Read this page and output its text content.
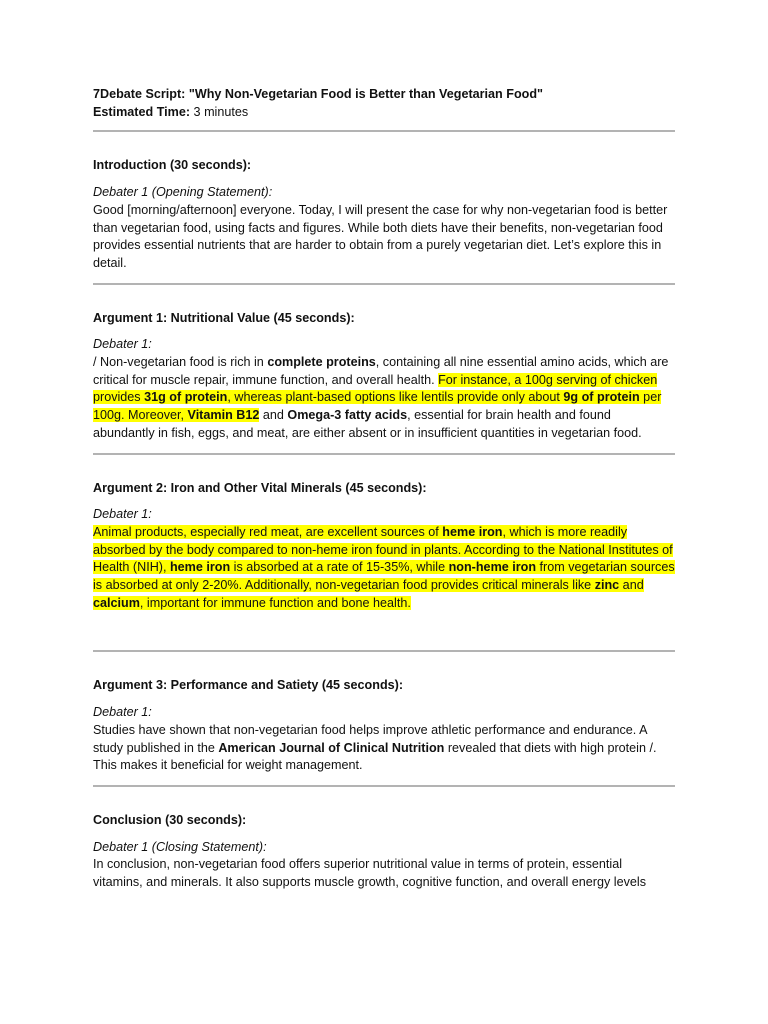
7Debate Script: "Why Non-Vegetarian Food is Better than Vegetarian Food"

Estimated Time: 3 minutes

Introduction (30 seconds):

Debater 1 (Opening Statement):

Good [morning/afternoon] everyone. Today, I will present the case for why non-vegetarian food is better than vegetarian food, using facts and figures. While both diets have their benefits, non-vegetarian food provides essential nutrients that are harder to obtain from a purely vegetarian diet. Let’s explore this in detail.

Argument 1: Nutritional Value (45 seconds):

Debater 1:

/ Non-vegetarian food is rich in complete proteins, containing all nine essential amino acids, which are critical for muscle repair, immune function, and overall health. For instance, a 100g serving of chicken provides 31g of protein, whereas plant-based options like lentils provide only about 9g of protein per 100g. Moreover, Vitamin B12 and Omega-3 fatty acids, essential for brain health and found abundantly in fish, eggs, and meat, are either absent or in insufficient quantities in vegetarian food.

Argument 2: Iron and Other Vital Minerals (45 seconds):

Debater 1:

Animal products, especially red meat, are excellent sources of heme iron, which is more readily absorbed by the body compared to non-heme iron found in plants. According to the National Institutes of Health (NIH), heme iron is absorbed at a rate of 15-35%, while non-heme iron from vegetarian sources is absorbed at only 2-20%. Additionally, non-vegetarian food provides critical minerals like zinc and calcium, important for immune function and bone health.

Argument 3: Performance and Satiety (45 seconds):

Debater 1:

Studies have shown that non-vegetarian food helps improve athletic performance and endurance. A study published in the American Journal of Clinical Nutrition revealed that diets with high protein /. This makes it beneficial for weight management.

Conclusion (30 seconds):

Debater 1 (Closing Statement):

In conclusion, non-vegetarian food offers superior nutritional value in terms of protein, essential vitamins, and minerals. It also supports muscle growth, cognitive function, and overall energy levels
